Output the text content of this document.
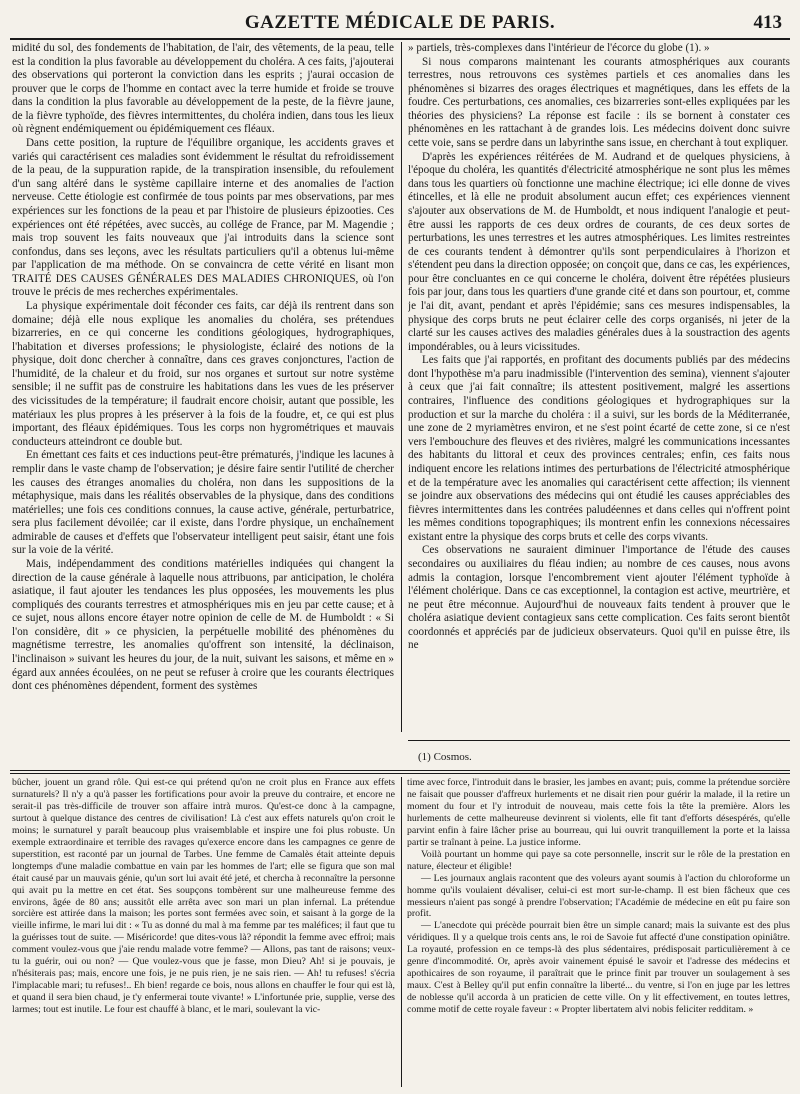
GAZETTE MÉDICALE DE PARIS.	413

midité du sol, des fondements de l'habitation, de l'air, des vêtements, de la peau, telle est la condition la plus favorable au développement du choléra. A ces faits, j'ajouterai des observations qui porteront la conviction dans les esprits ; j'aurai occasion de prouver que le corps de l'homme en contact avec la terre humide et froide se trouve dans la condition la plus favorable au développement de la peste, de la fièvre jaune, de la fièvre typhoïde, des fièvres intermittentes, du choléra indien, dans tous les lieux où règnent endémiquement ou épidémiquement ces fléaux.

Dans cette position, la rupture de l'équilibre organique, les accidents graves et variés qui caractérisent ces maladies sont évidemment le résultat du refroidissement de la peau, de la suppuration rapide, de la transpiration insensible, du refoulement d'un sang altéré dans le système capillaire interne et des anomalies de l'action nerveuse. Cette étiologie est confirmée de tous points par mes observations, par mes expériences sur les fonctions de la peau et par l'histoire de plusieurs épizooties. Ces expériences ont été répétées, avec succès, au collége de France, par M. Magendie ; mais trop souvent les faits nouveaux que j'ai introduits dans la science sont confondus, dans ses leçons, avec les résultats particuliers qu'il a obtenus lui-même par l'application de ma méthode. On se convaincra de cette vérité en lisant mon TRAITÉ DES CAUSES GÉNÉRALES DES MALADIES CHRONIQUES, où l'on trouve le précis de mes recherches expérimentales.

La physique expérimentale doit féconder ces faits, car déjà ils rentrent dans son domaine; déjà elle nous explique les anomalies du choléra, ses prétendues bizarreries, en ce qui concerne les conditions géologiques, hydrographiques, l'habitation et diverses professions; le physiologiste, éclairé des notions de la physique, doit donc chercher à connaître, dans ces graves conjonctures, l'action de l'humidité, de la chaleur et du froid, sur nos organes et surtout sur notre système sensible; il ne suffit pas de construire les habitations dans les vues de les préserver des vicissitudes de la température; il faudrait encore choisir, autant que possible, les matériaux les plus propres à les préserver à la fois de la foudre, et, ce qui est plus important, des fléaux épidémiques. Tous les corps non hygrométriques et mauvais conducteurs atteindront ce double but.

En émettant ces faits et ces inductions peut-être prématurés, j'indique les lacunes à remplir dans le vaste champ de l'observation; je désire faire sentir l'utilité de chercher les causes des étranges anomalies du choléra, non dans les suppositions de la métaphysique, mais dans les réalités observables de la physique, dans des conditions matérielles; une fois ces conditions connues, la cause active, générale, perturbatrice, sera plus facilement dévoilée; car il existe, dans l'ordre physique, un enchaînement admirable de causes et d'effets que l'observateur intelligent peut saisir, étant une fois sur la voie de la vérité.

Mais, indépendamment des conditions matérielles indiquées qui changent la direction de la cause générale à laquelle nous attribuons, par anticipation, le choléra asiatique, il faut ajouter les tendances les plus opposées, les mouvements les plus compliqués des courants terrestres et atmosphériques mis en jeu par cette cause; et à ce sujet, nous allons encore étayer notre opinion de celle de M. de Humboldt : « Si l'on considère, dit » ce physicien, la perpétuelle mobilité des phénomènes du magnétisme terrestre, les anomalies qu'offrent son intensité, la déclinaison, l'inclinaison » suivant les heures du jour, de la nuit, suivant les saisons, et même en » égard aux années écoulées, on ne peut se refuser à croire que les courants électriques dont ces phénomènes dépendent, forment des systèmes

» partiels, très-complexes dans l'intérieur de l'écorce du globe (1). »

Si nous comparons maintenant les courants atmosphériques aux courants terrestres, nous retrouvons ces systèmes partiels et ces anomalies dans les phénomènes si bizarres des orages électriques et magnétiques, dans les effets de la foudre. Ces perturbations, ces anomalies, ces bizarreries sont-elles expliquées par les théories des physiciens? La réponse est facile : ils se bornent à constater ces phénomènes en les rattachant à de grandes lois. Les médecins doivent donc suivre cette voie, sans se perdre dans un labyrinthe sans issue, en cherchant à tout expliquer.

D'après les expériences réitérées de M. Audrand et de quelques physiciens, à l'époque du choléra, les quantités d'électricité atmosphérique ne sont plus les mêmes dans tous les quartiers où fonctionne une machine électrique; ici elle donne de vives étincelles, et là elle ne produit absolument aucun effet; ces expériences viennent s'ajouter aux observations de M. de Humboldt, et nous indiquent l'analogie et peut-être aussi les rapports de ces deux ordres de courants, de ces deux sortes de perturbations, les unes terrestres et les autres atmosphériques. Les limites restreintes de ces courants tendent à démontrer qu'ils sont perpendiculaires à l'horizon et s'étendent peu dans la direction opposée; on conçoit que, dans ce cas, les expériences, pour être concluantes en ce qui concerne le choléra, doivent être répétées plusieurs fois par jour, dans tous les quartiers d'une grande cité et dans son pourtour, et, comme je l'ai dit, avant, pendant et après l'épidémie; sans ces mesures indispensables, la physique des corps bruts ne peut éclairer celle des corps organisés, ni jeter de la clarté sur les causes actives des maladies générales dues à la soustraction des agents impondérables, ou à leurs vicissitudes.

Les faits que j'ai rapportés, en profitant des documents publiés par des médecins dont l'hypothèse m'a paru inadmissible (l'intervention des semina), viennent s'ajouter à ceux que j'ai fait connaître; ils attestent positivement, malgré les assertions contraires, l'influence des conditions géologiques et hydrographiques sur la production et sur la marche du choléra : il a suivi, sur les bords de la Méditerranée, une zone de 2 myriamètres environ, et ne s'est point écarté de cette zone, si ce n'est vers l'embouchure des fleuves et des rivières, malgré les communications incessantes des habitants du littoral et ceux des provinces centrales; enfin, ces faits nous indiquent encore les relations intimes des perturbations de l'électricité atmosphérique et de la température avec les anomalies qui caractérisent cette affection; ils viennent se joindre aux observations des médecins qui ont étudié les causes appréciables des fièvres intermittentes dans les contrées paludéennes et dans celles qui n'offrent point les mêmes conditions topographiques; ils montrent enfin les connexions nécessaires existant entre la physique des corps bruts et celle des corps vivants.

Ces observations ne sauraient diminuer l'importance de l'étude des causes secondaires ou auxiliaires du fléau indien; au nombre de ces causes, nous avons admis la contagion, lorsque l'encombrement vient ajouter l'élément typhoïde à l'élément cholérique. Dans ce cas exceptionnel, la contagion est active, meurtrière, et ne peut être méconnue. Aujourd'hui de nouveaux faits tendent à prouver que le choléra asiatique devient contagieux sans cette complication. Ces faits seront bientôt coordonnés et appréciés par de judicieux observateurs. Quoi qu'il en puisse être, ils ne

(1) Cosmos.

bûcher, jouent un grand rôle. Qui est-ce qui prétend qu'on ne croit plus en France aux effets surnaturels? Il n'y a qu'à passer les fortifications pour avoir la preuve du contraire, et encore ne serait-il pas très-difficile de trouver son affaire intrà muros. Qu'est-ce donc à la campagne, surtout à quelque distance des centres de civilisation! Là c'est aux effets naturels qu'on croit le moins; le surnaturel y paraît beaucoup plus vraisemblable et inspire une foi plus robuste. Un exemple extraordinaire et terrible des ravages qu'exerce encore dans les campagnes ce genre de superstition, est raconté par un journal de Tarbes. Une femme de Camalès était atteinte depuis longtemps d'une maladie combattue en vain par les hommes de l'art; elle se figura que son mal était causé par un mauvais génie, qu'un sort lui avait été jeté, et chercha à reconnaître la personne qui avait pu la mettre en cet état. Ses soupçons tombèrent sur une malheureuse femme des environs, âgée de 80 ans; aussitôt elle arrêta avec son mari un plan infernal. La prétendue sorcière est attirée dans la maison; les portes sont fermées avec soin, et saisant à la gorge de la vieille infirme, le mari lui dit : « Tu as donné du mal à ma femme par tes maléfices; il faut que tu la guérisses tout de suite. — Miséricorde! que dites-vous là? répondit la femme avec effroi; mais comment voulez-vous que j'aie rendu malade votre femme? — Allons, pas tant de raisons; veux-tu la guérir, oui ou non? — Que voulez-vous que je fasse, mon Dieu? Ah! si je pouvais, je n'hésiterais pas; mais, encore une fois, je ne puis rien, je ne sais rien. — Ah! tu refuses! s'écria l'implacable mari; tu refuses!.. Eh bien! regarde ce bois, nous allons en chauffer le four qui est là, et quand il sera bien chaud, je t'y enfermerai toute vivante! » L'infortunée prie, supplie, verse des larmes; tout est inutile. Le four est chauffé à blanc, et le mari, soulevant la vic-

time avec force, l'introduit dans le brasier, les jambes en avant; puis, comme la prétendue sorcière ne faisait que pousser d'affreux hurlements et ne disait rien pour guérir la malade, il la retire un moment du four et l'y introduit de nouveau, mais cette fois la tête la première. Alors les hurlements de cette malheureuse devinrent si violents, elle fit tant d'efforts désespérés, qu'elle parvint enfin à faire lâcher prise au bourreau, qui lui ouvrit tranquillement la porte et la laissa partir se traînant à peine. La justice informe.

Voilà pourtant un homme qui paye sa cote personnelle, inscrit sur le rôle de la prestation en nature, électeur et éligible!

— Les journaux anglais racontent que des voleurs ayant soumis à l'action du chloroforme un homme qu'ils voulaient dévaliser, celui-ci est mort sur-le-champ. Il est bien fâcheux que ces messieurs n'aient pas songé à prendre l'observation; l'Académie de médecine en eût pu faire son profit.

— L'anecdote qui précède pourrait bien être un simple canard; mais la suivante est des plus véridiques. Il y a quelque trois cents ans, le roi de Savoie fut affecté d'une constipation opiniâtre. La royauté, profession en ce temps-là des plus sédentaires, prédisposait particulièrement à ce genre d'incommodité. Or, après avoir vainement épuisé le savoir et l'adresse des médecins et apothicaires de son royaume, il paraîtrait que le prince finit par trouver un soulagement à ses maux. C'est à Belley qu'il put enfin connaître la liberté... du ventre, si l'on en juge par les lettres de noblesse qu'il accorda à un praticien de cette ville. On y lit effectivement, en toutes lettres, comme motif de cette royale faveur : « Propter libertatem alvi nobis feliciter redditam. »
